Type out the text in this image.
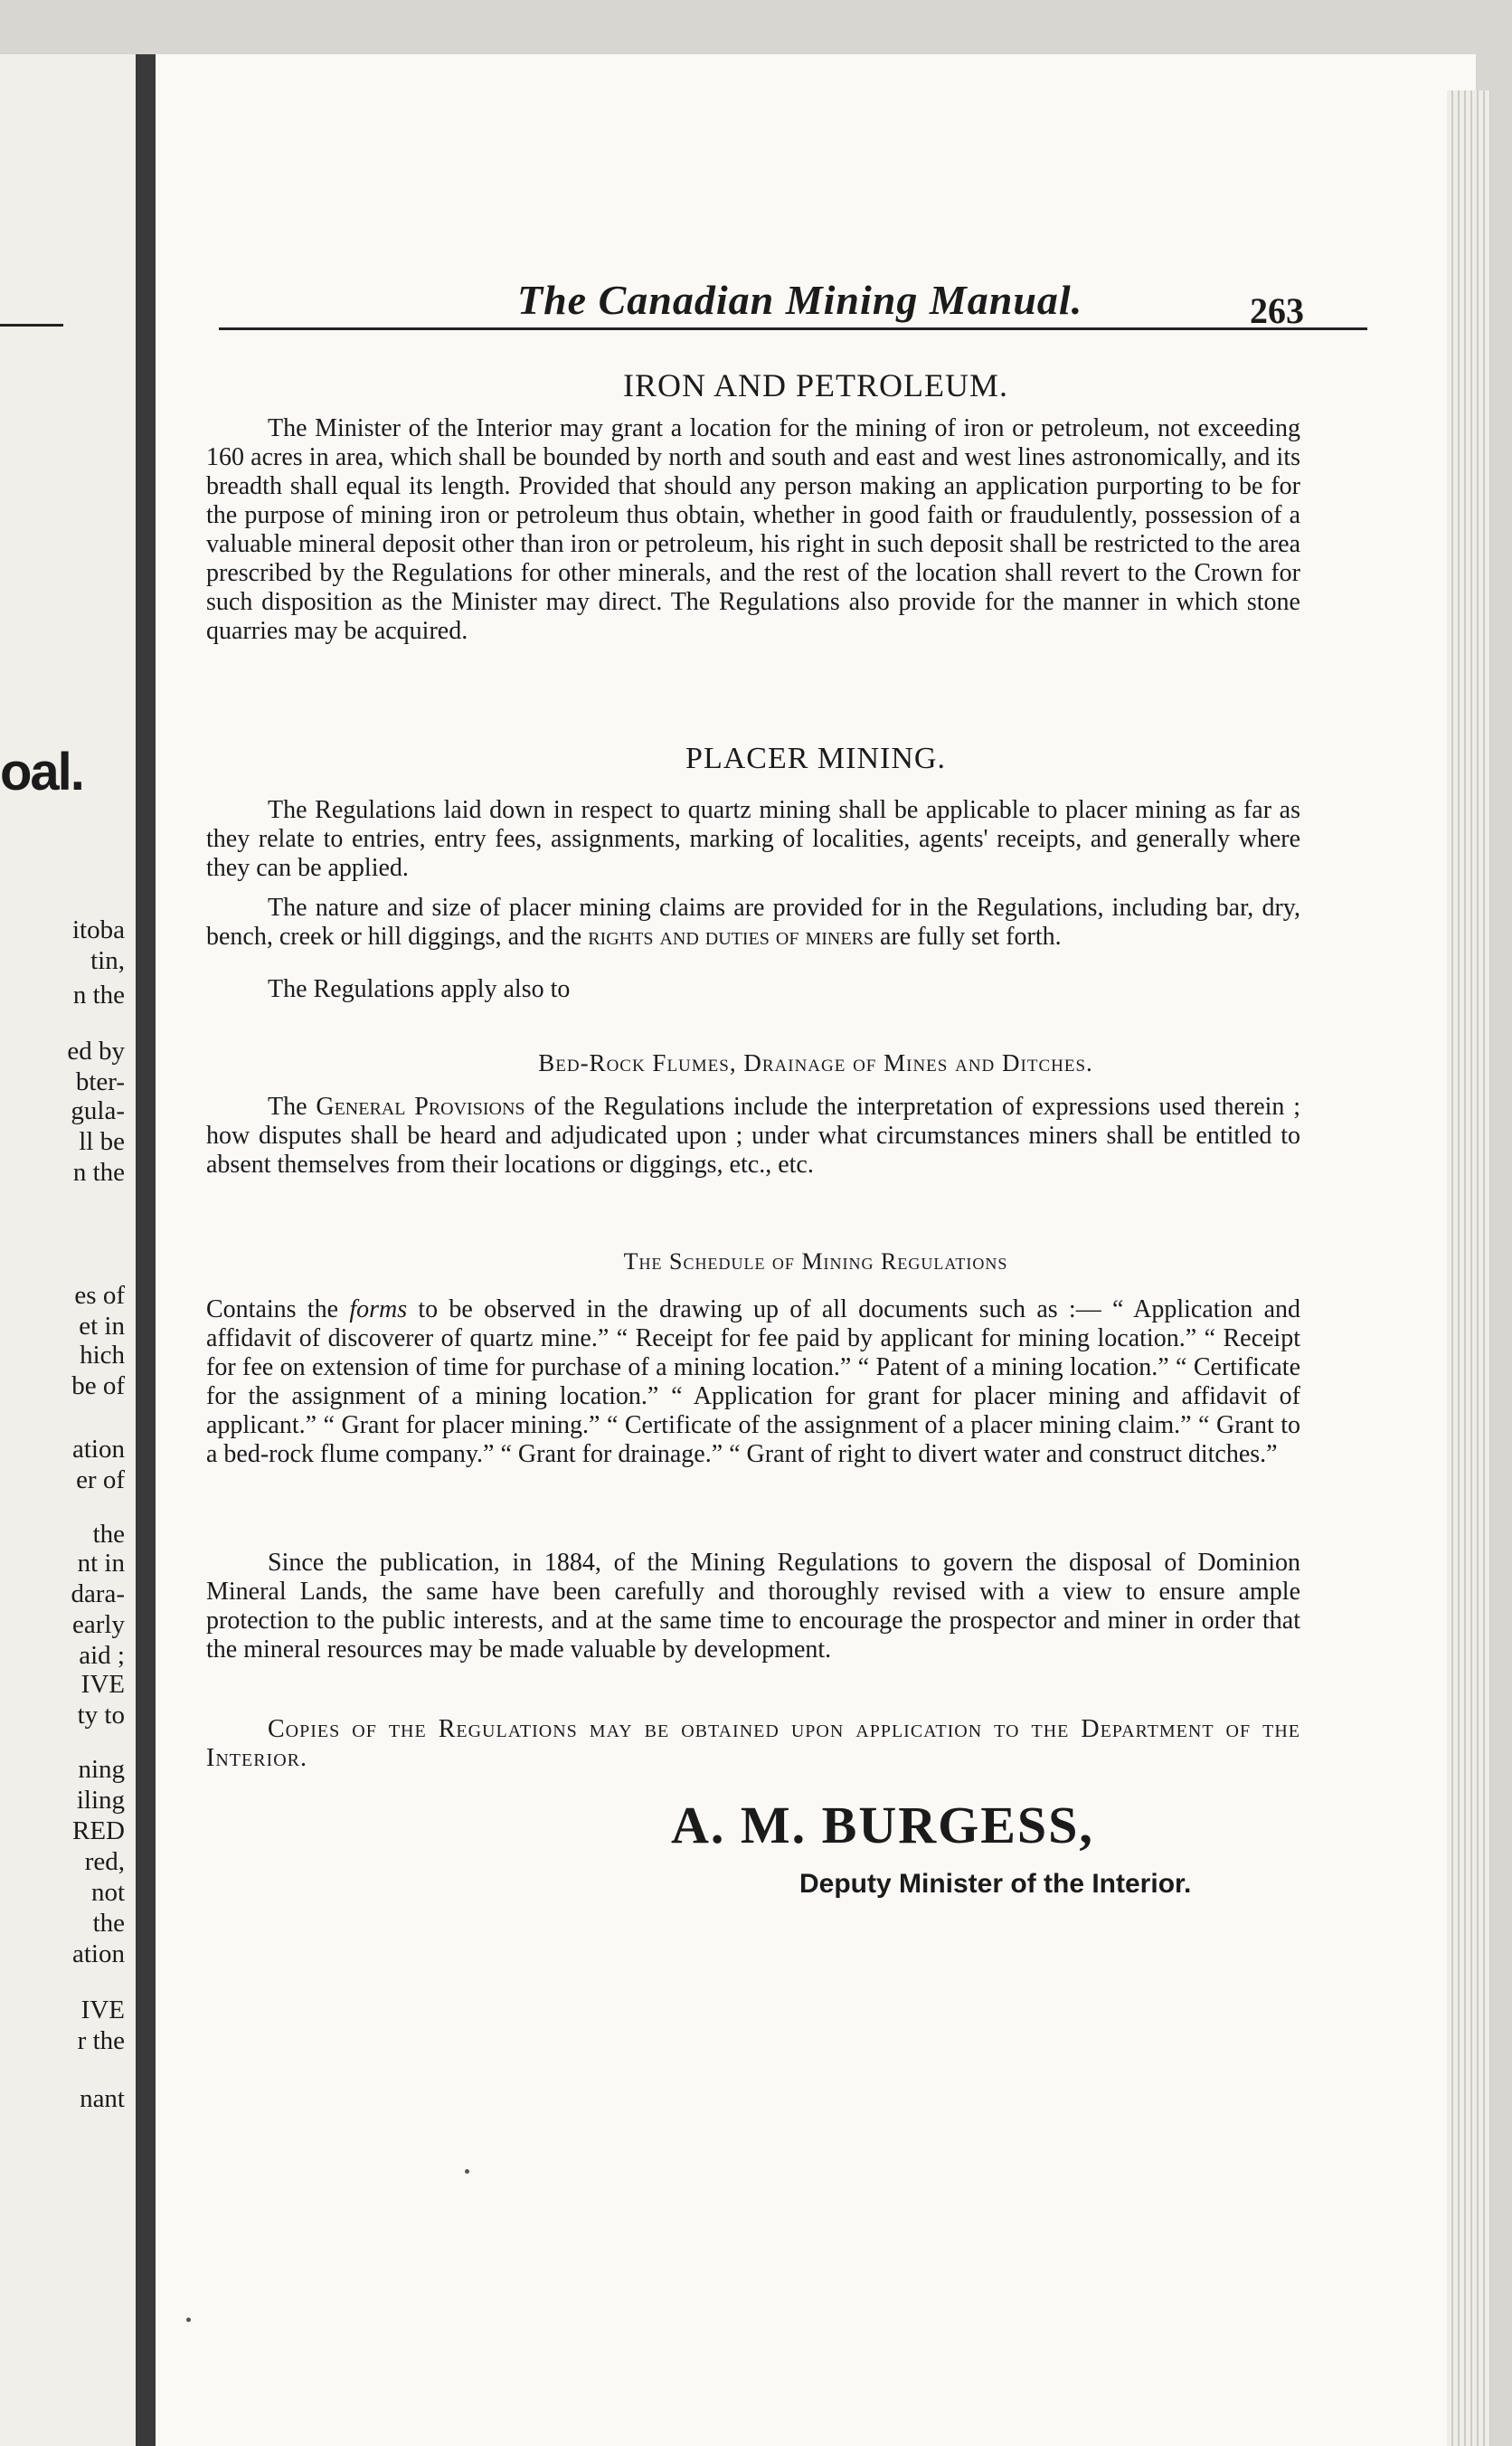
oal.
itoba
tin,
n the
ed by
bter-
gula-
ll be
n the
es of
et in
hich
be of
ation
er of
the
nt in
dara-
early
aid ;
IVE
ty to
ning
iling
RED
red,
not
the
ation
IVE
r the
nant
The Canadian Mining Manual.	263
IRON AND PETROLEUM.

The Minister of the Interior may grant a location for the mining of iron or petroleum, not exceeding 160 acres in area, which shall be bounded by north and south and east and west lines astronomically, and its breadth shall equal its length. Provided that should any person making an application purporting to be for the purpose of mining iron or petroleum thus obtain, whether in good faith or fraudulently, possession of a valuable mineral deposit other than iron or petroleum, his right in such deposit shall be restricted to the area prescribed by the Regulations for other minerals, and the rest of the location shall revert to the Crown for such disposition as the Minister may direct. The Regulations also provide for the manner in which stone quarries may be acquired.

PLACER MINING.

The Regulations laid down in respect to quartz mining shall be applicable to placer mining as far as they relate to entries, entry fees, assignments, marking of localities, agents' receipts, and generally where they can be applied.

The nature and size of placer mining claims are provided for in the Regulations, including bar, dry, bench, creek or hill diggings, and the rights and duties of miners are fully set forth.

The Regulations apply also to

Bed-Rock Flumes, Drainage of Mines and Ditches.

The General Provisions of the Regulations include the interpretation of expressions used therein ; how disputes shall be heard and adjudicated upon ; under what circumstances miners shall be entitled to absent themselves from their locations or diggings, etc., etc.

The Schedule of Mining Regulations

Contains the forms to be observed in the drawing up of all documents such as :— “ Application and affidavit of discoverer of quartz mine.” “ Receipt for fee paid by applicant for mining location.” “ Receipt for fee on extension of time for purchase of a mining location.” “ Patent of a mining location.” “ Certificate for the assignment of a mining location.” “ Application for grant for placer mining and affidavit of applicant.” “ Grant for placer mining.” “ Certificate of the assignment of a placer mining claim.” “ Grant to a bed-rock flume company.” “ Grant for drainage.” “ Grant of right to divert water and construct ditches.”

Since the publication, in 1884, of the Mining Regulations to govern the disposal of Dominion Mineral Lands, the same have been carefully and thoroughly revised with a view to ensure ample protection to the public interests, and at the same time to encourage the prospector and miner in order that the mineral resources may be made valuable by development.

Copies of the Regulations may be obtained upon application to the Department of the Interior.

A. M. BURGESS,
Deputy Minister of the Interior.
